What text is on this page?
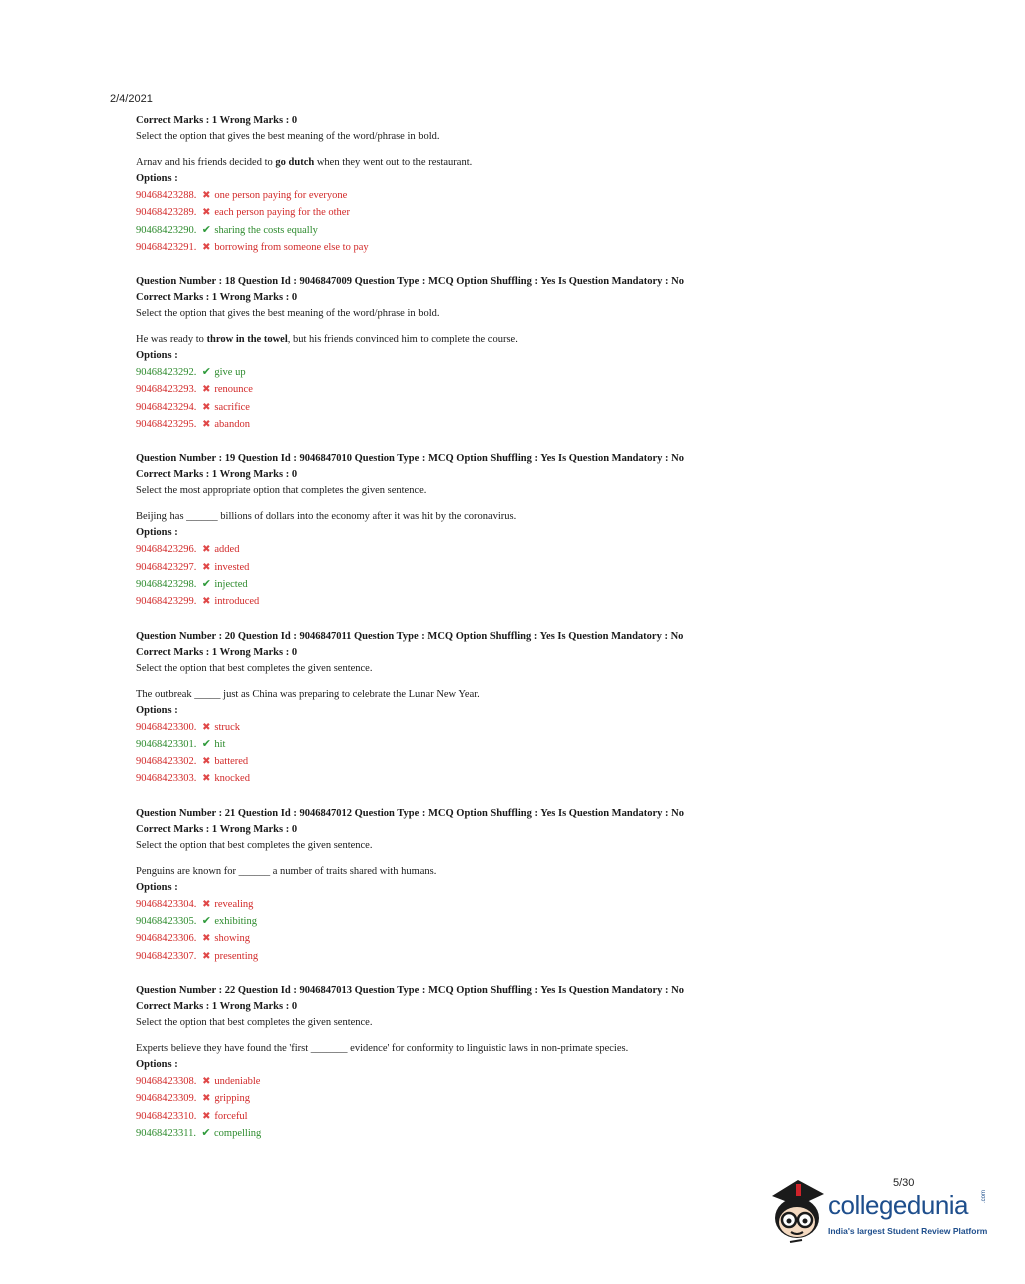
2/4/2021
Correct Marks : 1 Wrong Marks : 0
Select the option that gives the best meaning of the word/phrase in bold.
Arnav and his friends decided to go dutch when they went out to the restaurant.
Options :
90468423288. ✖ one person paying for everyone
90468423289. ✖ each person paying for the other
90468423290. ✔ sharing the costs equally
90468423291. ✖ borrowing from someone else to pay
Question Number : 18 Question Id : 9046847009 Question Type : MCQ Option Shuffling : Yes Is Question Mandatory : No
Correct Marks : 1 Wrong Marks : 0
Select the option that gives the best meaning of the word/phrase in bold.
He was ready to throw in the towel, but his friends convinced him to complete the course.
Options :
90468423292. ✔ give up
90468423293. ✖ renounce
90468423294. ✖ sacrifice
90468423295. ✖ abandon
Question Number : 19 Question Id : 9046847010 Question Type : MCQ Option Shuffling : Yes Is Question Mandatory : No
Correct Marks : 1 Wrong Marks : 0
Select the most appropriate option that completes the given sentence.
Beijing has ______ billions of dollars into the economy after it was hit by the coronavirus.
Options :
90468423296. ✖ added
90468423297. ✖ invested
90468423298. ✔ injected
90468423299. ✖ introduced
Question Number : 20 Question Id : 9046847011 Question Type : MCQ Option Shuffling : Yes Is Question Mandatory : No
Correct Marks : 1 Wrong Marks : 0
Select the option that best completes the given sentence.
The outbreak _____ just as China was preparing to celebrate the Lunar New Year.
Options :
90468423300. ✖ struck
90468423301. ✔ hit
90468423302. ✖ battered
90468423303. ✖ knocked
Question Number : 21 Question Id : 9046847012 Question Type : MCQ Option Shuffling : Yes Is Question Mandatory : No
Correct Marks : 1 Wrong Marks : 0
Select the option that best completes the given sentence.
Penguins are known for ______ a number of traits shared with humans.
Options :
90468423304. ✖ revealing
90468423305. ✔ exhibiting
90468423306. ✖ showing
90468423307. ✖ presenting
Question Number : 22 Question Id : 9046847013 Question Type : MCQ Option Shuffling : Yes Is Question Mandatory : No
Correct Marks : 1 Wrong Marks : 0
Select the option that best completes the given sentence.
Experts believe they have found the 'first _______ evidence' for conformity to linguistic laws in non-primate species.
Options :
90468423308. ✖ undeniable
90468423309. ✖ gripping
90468423310. ✖ forceful
90468423311. ✔ compelling
5/30
collegedunia .com
India's largest Student Review Platform
